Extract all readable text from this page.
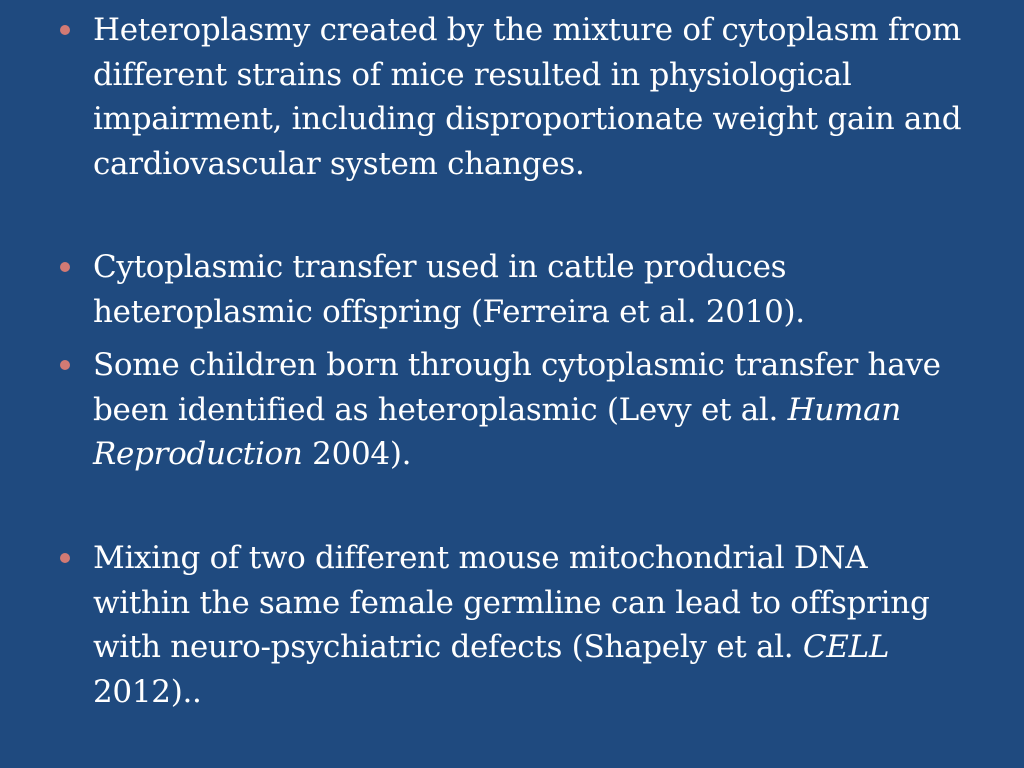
Heteroplasmy created by the mixture of cytoplasm from different strains of mice resulted in physiological impairment, including disproportionate weight gain and cardiovascular system changes.
Cytoplasmic transfer used in cattle produces heteroplasmic offspring (Ferreira et al. 2010).
Some children born through cytoplasmic transfer have been identified as heteroplasmic (Levy et al. Human Reproduction 2004).
Mixing of two different mouse mitochondrial DNA within the same female germline can lead to offspring with neuro-psychiatric defects (Shapely et al. CELL 2012)..
